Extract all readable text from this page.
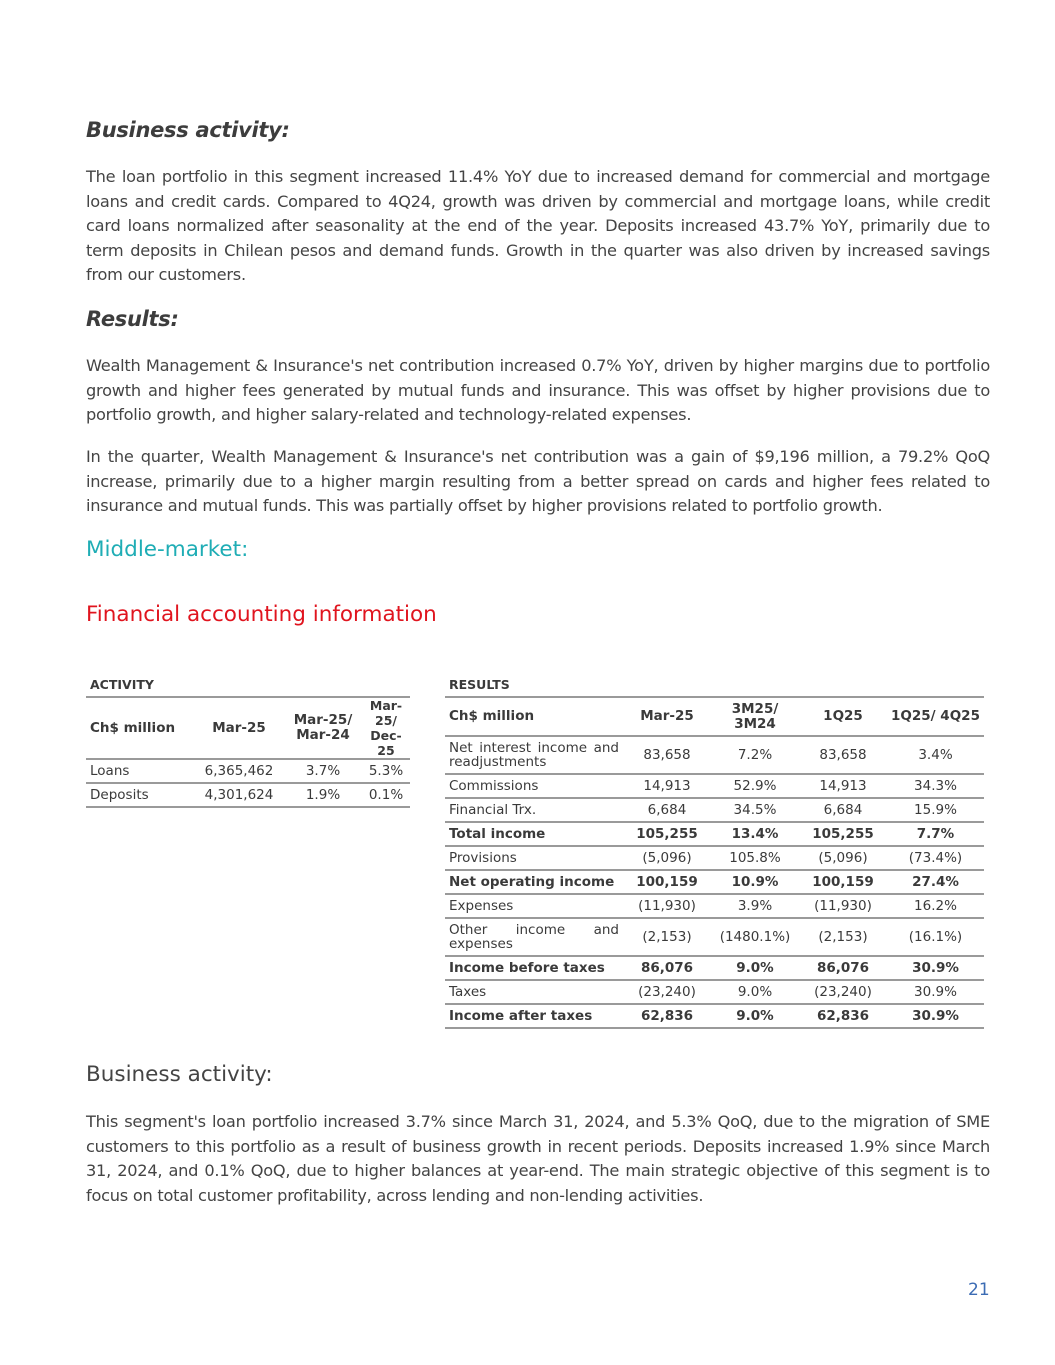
Business activity:

The loan portfolio in this segment increased 11.4% YoY due to increased demand for commercial and mortgage loans and credit cards. Compared to 4Q24, growth was driven by commercial and mortgage loans, while credit card loans normalized after seasonality at the end of the year. Deposits increased 43.7% YoY, primarily due to term deposits in Chilean pesos and demand funds. Growth in the quarter was also driven by increased savings from our customers.

Results:

Wealth Management & Insurance's net contribution increased 0.7% YoY, driven by higher margins due to portfolio growth and higher fees generated by mutual funds and insurance. This was offset by higher provisions due to portfolio growth, and higher salary-related and technology-related expenses.

In the quarter, Wealth Management & Insurance's net contribution was a gain of $9,196 million, a 79.2% QoQ increase, primarily due to a higher margin resulting from a better spread on cards and higher fees related to insurance and mutual funds. This was partially offset by higher provisions related to portfolio growth.

Middle-market:
Financial accounting information
Business activity:

This segment's loan portfolio increased 3.7% since March 31, 2024, and 5.3% QoQ, due to the migration of SME customers to this portfolio as a result of business growth in recent periods. Deposits increased 1.9% since March 31, 2024, and 0.1% QoQ, due to higher balances at year-end. The main strategic objective of this segment is to focus on total customer profitability, across lending and non-lending activities.

ACTIVITY
Ch$ million	Mar-25	Mar-25/ Mar-24	Mar-25/ Dec-25
Loans	6,365,462	3.7%	5.3%
Deposits	4,301,624	1.9%	0.1%
RESULTS
Ch$ million	Mar-25	3M25/ 3M24	1Q25	1Q25/ 4Q25
Net interest income and readjustments	83,658	7.2%	83,658	3.4%
Commissions	14,913	52.9%	14,913	34.3%
Financial Trx.	6,684	34.5%	6,684	15.9%
Total income	105,255	13.4%	105,255	7.7%
Provisions	(5,096)	105.8%	(5,096)	(73.4%)
Net operating income	100,159	10.9%	100,159	27.4%
Expenses	(11,930)	3.9%	(11,930)	16.2%
Other income and expenses	(2,153)	(1480.1%)	(2,153)	(16.1%)
Income before taxes	86,076	9.0%	86,076	30.9%
Taxes	(23,240)	9.0%	(23,240)	30.9%
Income after taxes	62,836	9.0%	62,836	30.9%
21
